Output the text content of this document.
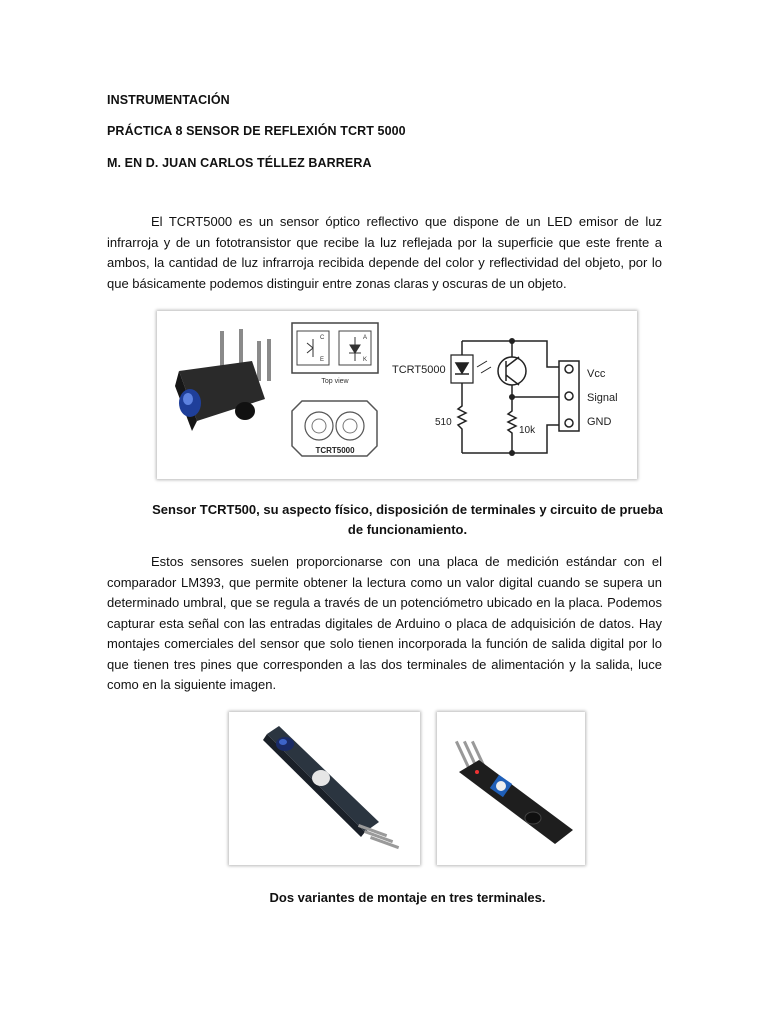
INSTRUMENTACIÓN
PRÁCTICA 8 SENSOR DE REFLEXIÓN TCRT 5000
M. EN D. JUAN CARLOS TÉLLEZ BARRERA

El TCRT5000 es un sensor óptico reflectivo que dispone de un LED emisor de luz infrarroja y de un fototransistor que recibe la luz reflejada por la superficie que este frente a ambos, la cantidad de luz infrarroja recibida depende del color y reflectividad del objeto, por lo que básicamente podemos distinguir entre zonas claras y oscuras de un objeto.

C
E
A
K
Top view
TCRT5000
TCRT5000
510
10k
Vcc
Signal
GND
Sensor TCRT500, su aspecto físico, disposición de terminales y circuito de prueba de funcionamiento.

Estos sensores suelen proporcionarse con una placa de medición estándar con el comparador LM393, que permite obtener la lectura como un valor digital cuando se supera un determinado umbral, que se regula a través de un potenciómetro ubicado en la placa. Podemos capturar esta señal con las entradas digitales de Arduino o placa de adquisición de datos. Hay montajes comerciales del sensor que solo tienen incorporada la función de salida digital por lo que tienen tres pines que corresponden a las dos terminales de alimentación y la salida, luce como en la siguiente imagen.

Dos variantes de montaje en tres terminales.
